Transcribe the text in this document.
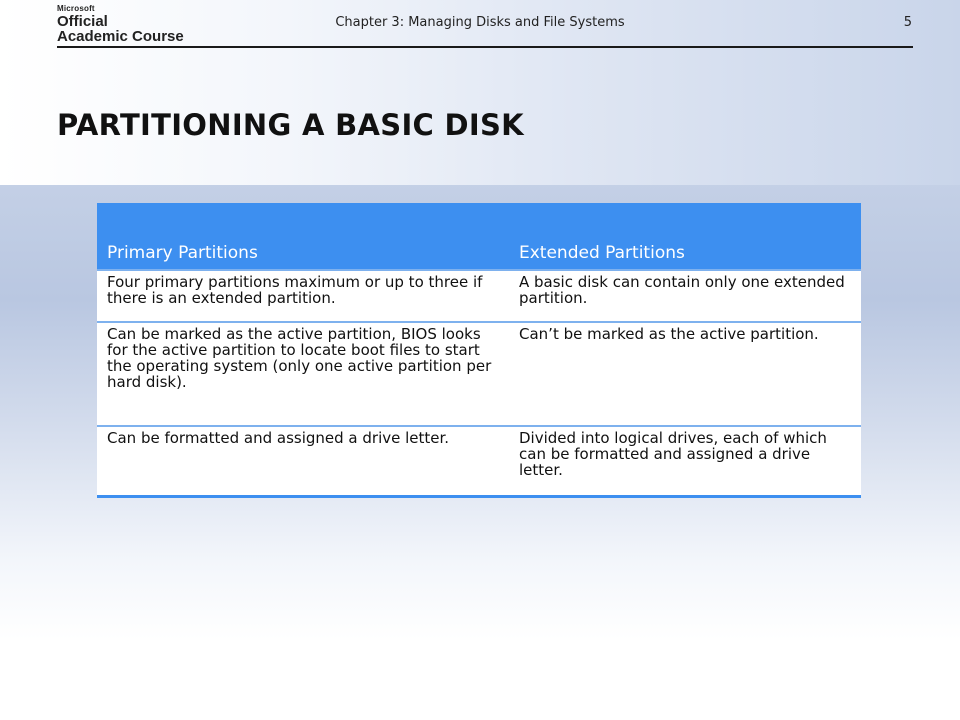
Microsoft
Official
Academic Course
Chapter 3: Managing Disks and File Systems	5
PARTITIONING A BASIC DISK
Primary Partitions	Extended Partitions
Four primary partitions maximum or up to three if there is an extended partition.	A basic disk can contain only one extended partition.
Can be marked as the active partition, BIOS looks for the active partition to locate boot files to start the operating system (only one active partition per hard disk).	Can’t be marked as the active partition.
Can be formatted and assigned a drive letter.	Divided into logical drives, each of which can be formatted and assigned a drive letter.
